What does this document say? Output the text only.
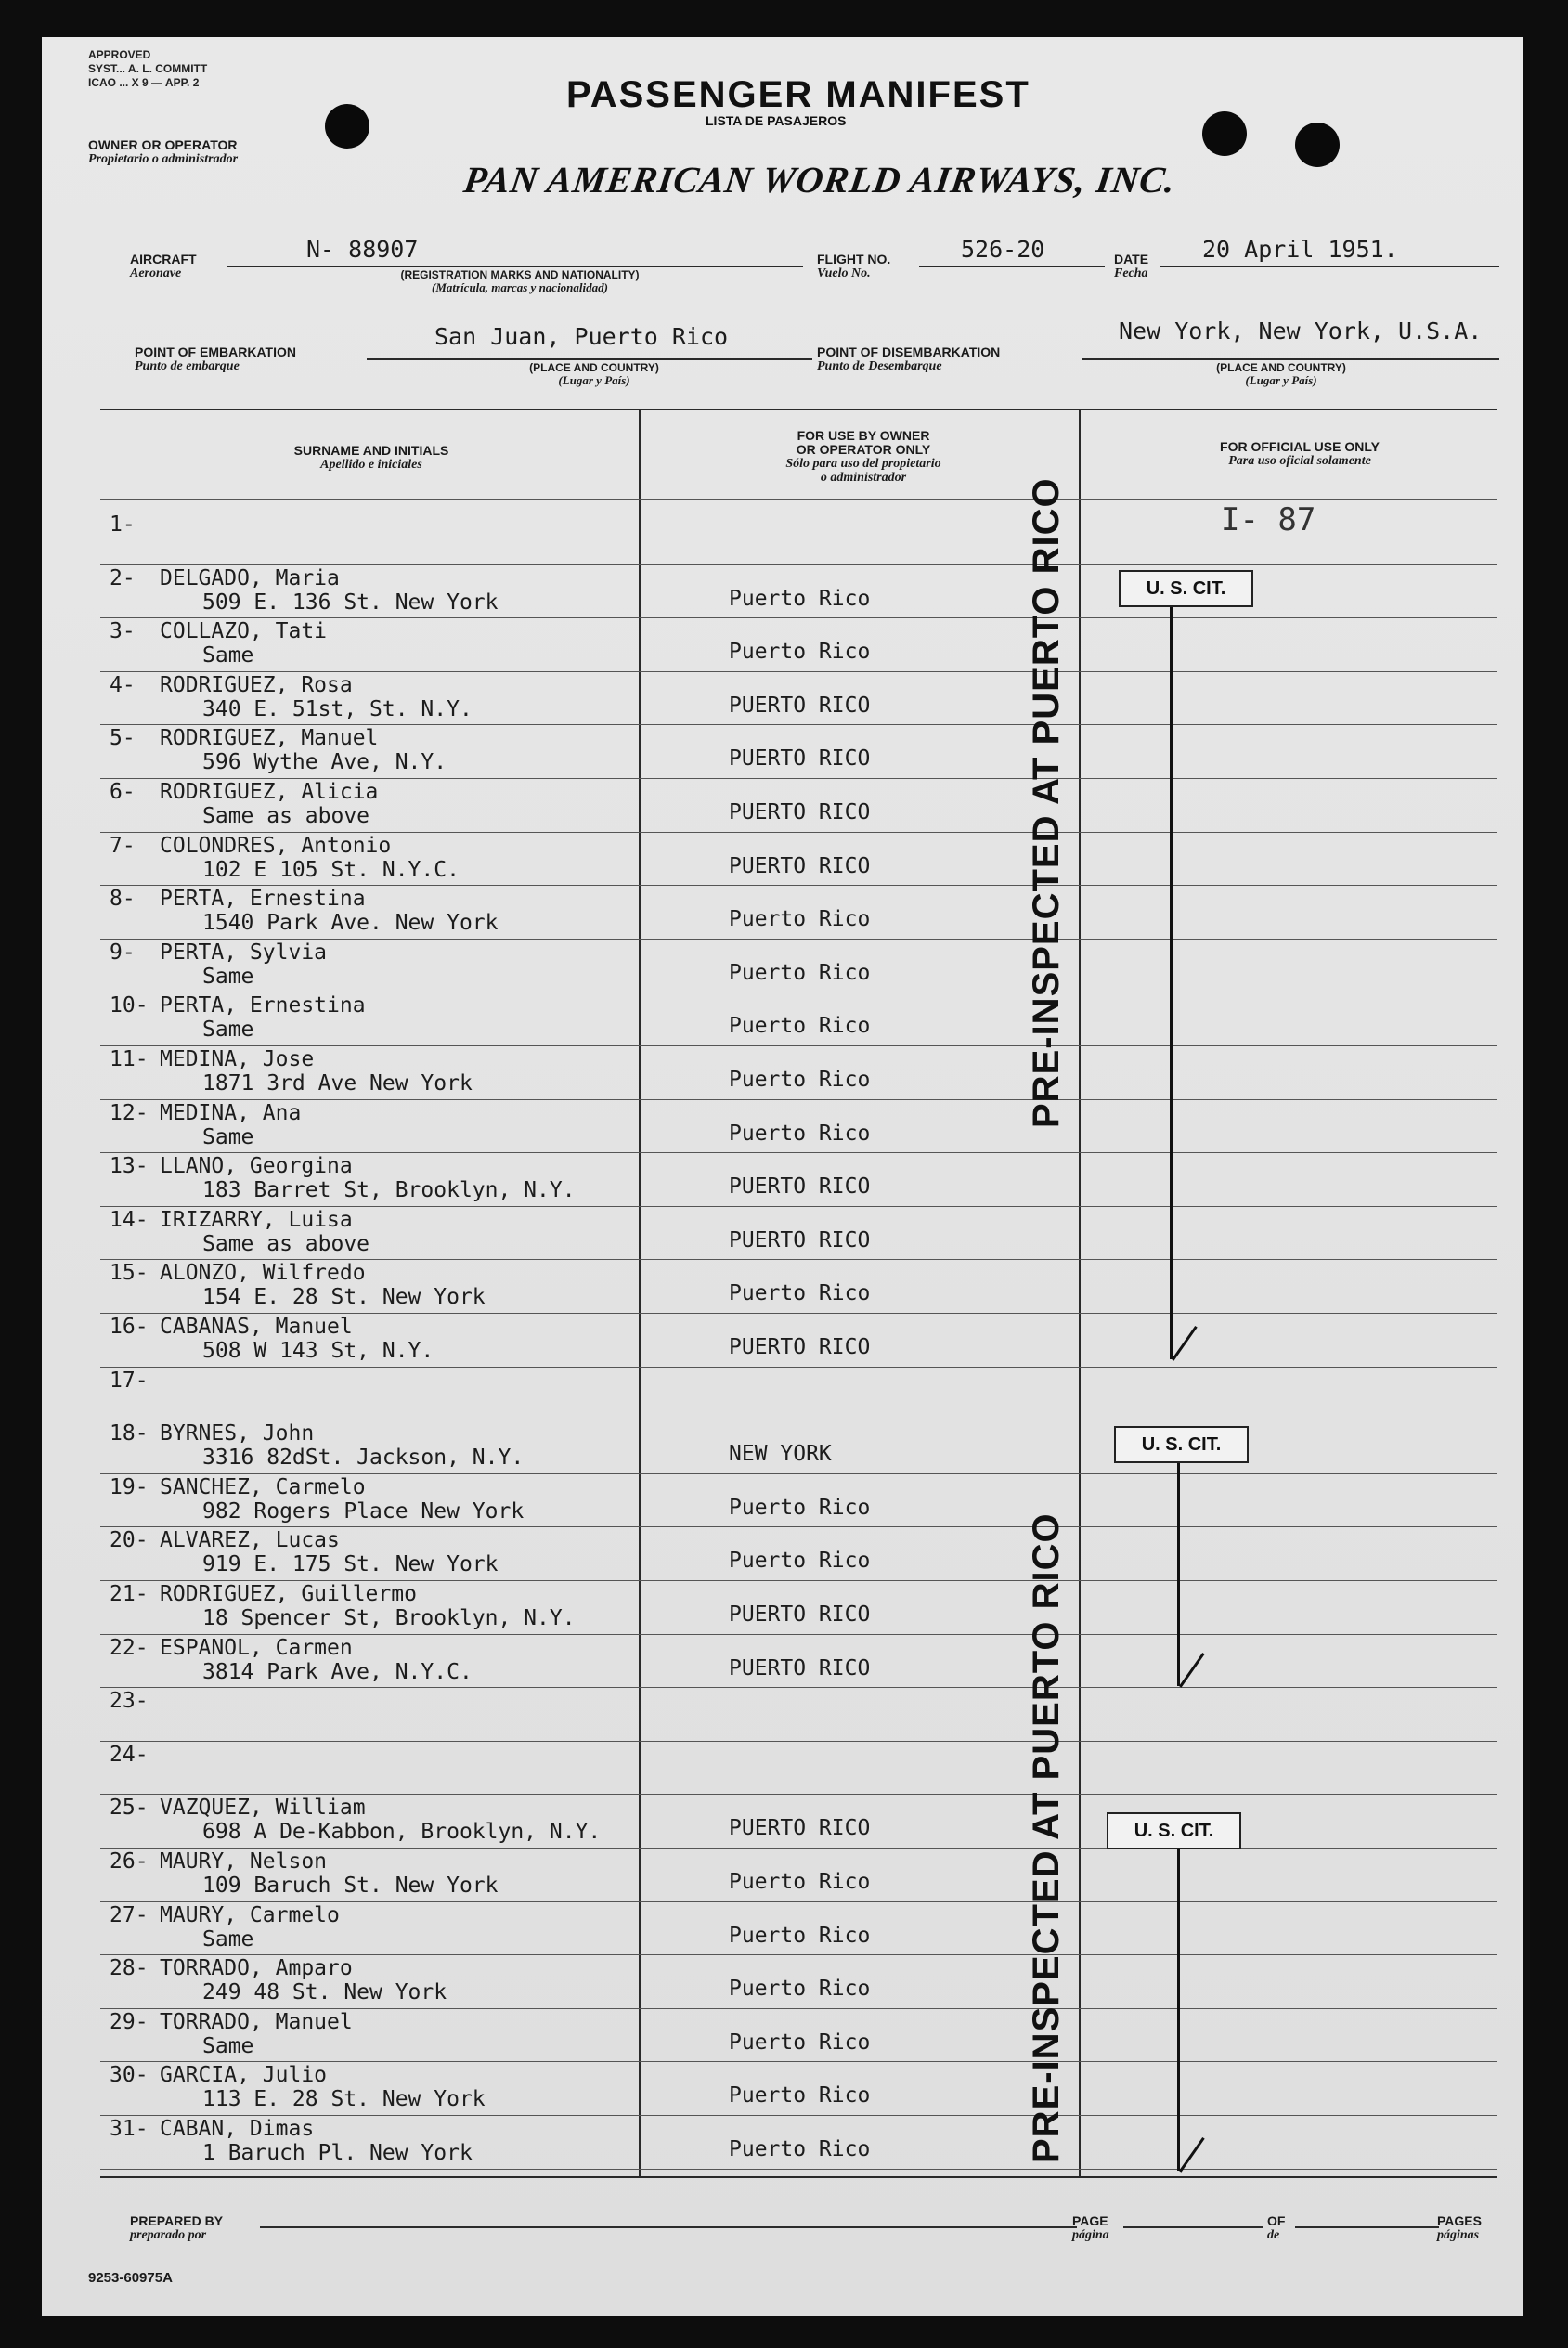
APPROVED
SYST... A. L. COMMITT
ICAO ... X 9 — APP. 2	PASSENGER MANIFEST
LISTA DE PASAJEROS
OWNER OR OPERATOR
Propietario o administrador	PAN AMERICAN WORLD AIRWAYS, INC.
AIRCRAFT
Aeronave
N- 88907
(REGISTRATION MARKS AND NATIONALITY)
(Matrícula, marcas y nacionalidad)
FLIGHT NO.
Vuelo No.
526-20	DATE
Fecha
20 April 1951.
POINT OF EMBARKATION
Punto de embarque
San Juan, Puerto Rico
(PLACE AND COUNTRY)
(Lugar y País)
POINT OF DISEMBARKATION
Punto de Desembarque
New York, New York, U.S.A.
(PLACE AND COUNTRY)
(Lugar y País)
SURNAME AND INITIALS
Apellido e iniciales
FOR USE BY OWNER
OR OPERATOR ONLY
Sólo para uso del propietario
o administrador
FOR OFFICIAL USE ONLY
Para uso oficial solamente
1-
2- DELGADO, Maria
509 E. 136 St. New York	Puerto Rico
3- COLLAZO, Tati
Same	Puerto Rico
4- RODRIGUEZ, Rosa
340 E. 51st, St. N.Y.	PUERTO RICO
5- RODRIGUEZ, Manuel
596 Wythe Ave, N.Y.	PUERTO RICO
6- RODRIGUEZ, Alicia
Same as above	PUERTO RICO
7- COLONDRES, Antonio
102 E 105 St. N.Y.C.	PUERTO RICO
8- PERTA, Ernestina
1540 Park Ave. New York	Puerto Rico
9- PERTA, Sylvia
Same	Puerto Rico
10- PERTA, Ernestina
Same	Puerto Rico
11- MEDINA, Jose
1871 3rd Ave New York	Puerto Rico
12- MEDINA, Ana
Same	Puerto Rico
13- LLANO, Georgina
183 Barret St, Brooklyn, N.Y.	PUERTO RICO
14- IRIZARRY, Luisa
Same as above	PUERTO RICO
15- ALONZO, Wilfredo
154 E. 28 St. New York	Puerto Rico
16- CABANAS, Manuel
508 W 143 St, N.Y.	PUERTO RICO
17-
18- BYRNES, John
3316 82dSt. Jackson, N.Y.	NEW YORK
19- SANCHEZ, Carmelo
982 Rogers Place New York	Puerto Rico
20- ALVAREZ, Lucas
919 E. 175 St. New York	Puerto Rico
21- RODRIGUEZ, Guillermo
18 Spencer St, Brooklyn, N.Y.	PUERTO RICO
22- ESPANOL, Carmen
3814 Park Ave, N.Y.C.	PUERTO RICO
23-
24-
25- VAZQUEZ, William
698 A De-Kabbon, Brooklyn, N.Y.	PUERTO RICO
26- MAURY, Nelson
109 Baruch St. New York	Puerto Rico
27- MAURY, Carmelo
Same	Puerto Rico
28- TORRADO, Amparo
249 48 St. New York	Puerto Rico
29- TORRADO, Manuel
Same	Puerto Rico
30- GARCIA, Julio
113 E. 28 St. New York	Puerto Rico
31- CABAN, Dimas
1 Baruch Pl. New York	Puerto Rico
I- 87
PRE-INSPECTED AT PUERTO RICO
PRE-INSPECTED AT PUERTO RICO
U. S. CIT.
U. S. CIT.
U. S. CIT.
PREPARED BY
preparado por
PAGE
página
OF
de
PAGES
páginas
9253-60975A
